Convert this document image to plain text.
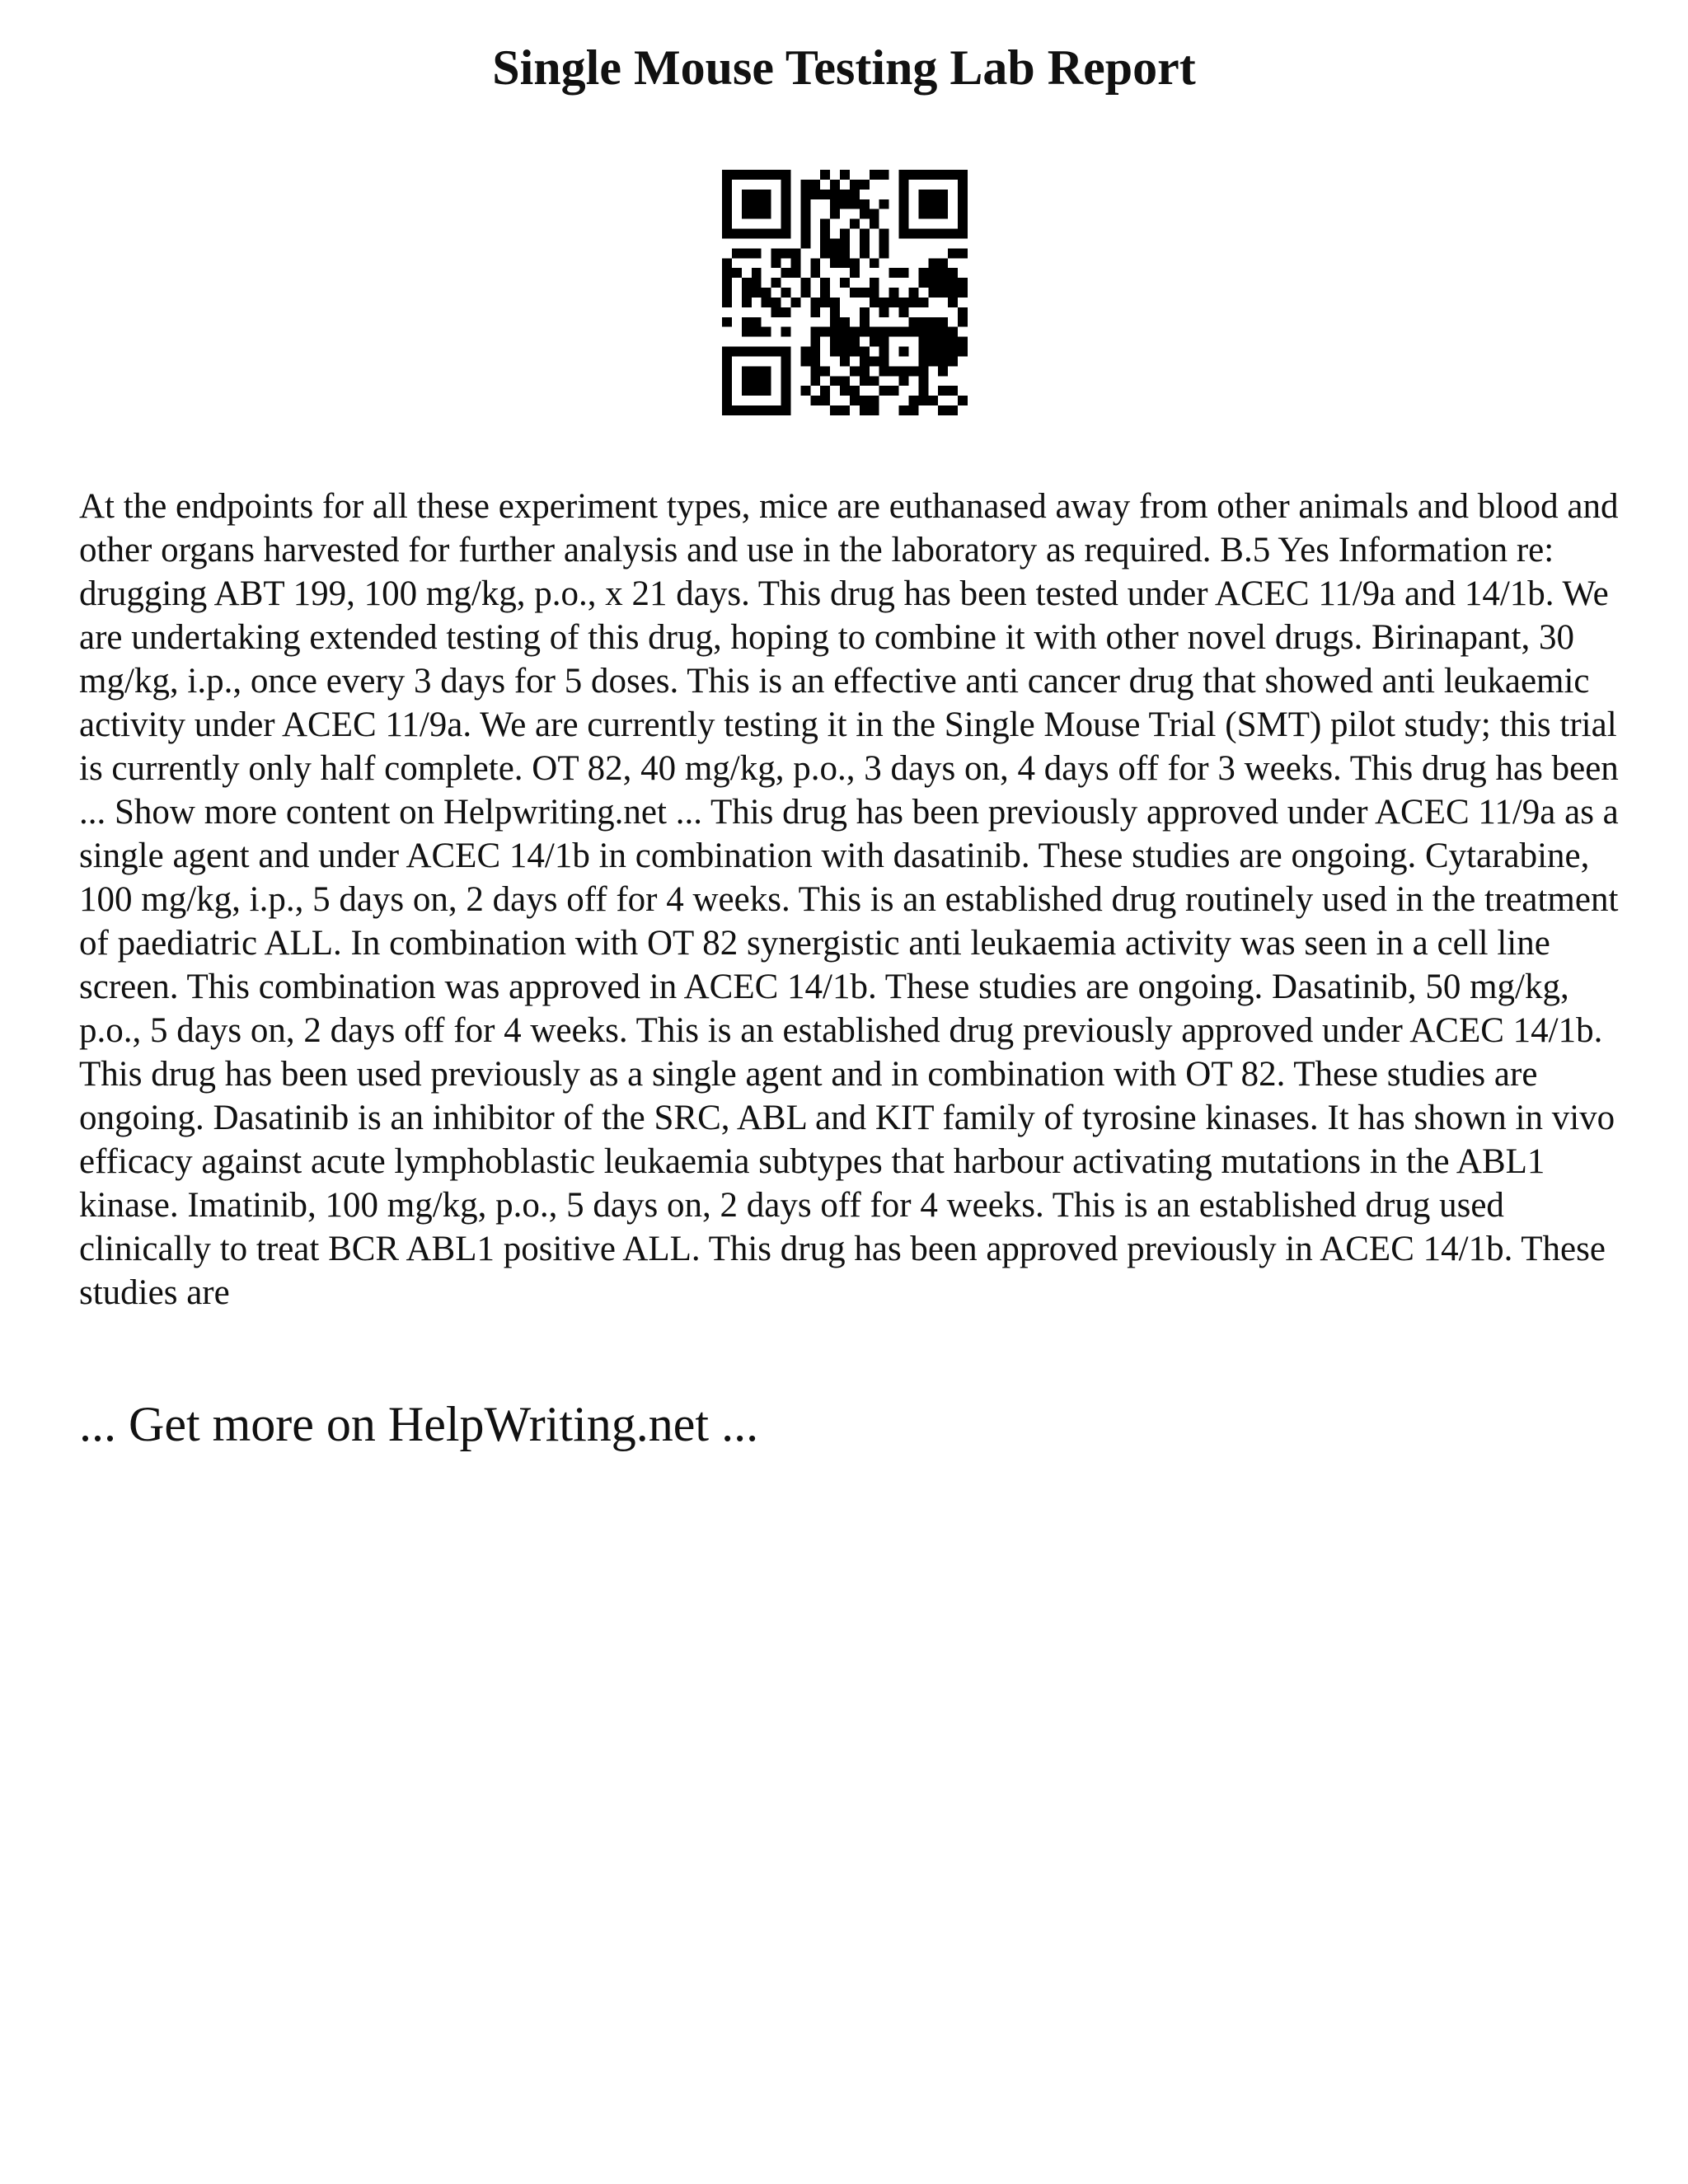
Single Mouse Testing Lab Report

At the endpoints for all these experiment types, mice are euthanased away from other animals and blood and other organs harvested for further analysis and use in the laboratory as required. B.5 Yes Information re: drugging ABT 199, 100 mg/kg, p.o., x 21 days. This drug has been tested under ACEC 11/9a and 14/1b. We are undertaking extended testing of this drug, hoping to combine it with other novel drugs. Birinapant, 30 mg/kg, i.p., once every 3 days for 5 doses. This is an effective anti cancer drug that showed anti leukaemic activity under ACEC 11/9a. We are currently testing it in the Single Mouse Trial (SMT) pilot study; this trial is currently only half complete. OT 82, 40 mg/kg, p.o., 3 days on, 4 days off for 3 weeks. This drug has been ... Show more content on Helpwriting.net ... This drug has been previously approved under ACEC 11/9a as a single agent and under ACEC 14/1b in combination with dasatinib. These studies are ongoing. Cytarabine, 100 mg/kg, i.p., 5 days on, 2 days off for 4 weeks. This is an established drug routinely used in the treatment of paediatric ALL. In combination with OT 82 synergistic anti leukaemia activity was seen in a cell line screen. This combination was approved in ACEC 14/1b. These studies are ongoing. Dasatinib, 50 mg/kg, p.o., 5 days on, 2 days off for 4 weeks. This is an established drug previously approved under ACEC 14/1b. This drug has been used previously as a single agent and in combination with OT 82. These studies are ongoing. Dasatinib is an inhibitor of the SRC, ABL and KIT family of tyrosine kinases. It has shown in vivo efficacy against acute lymphoblastic leukaemia subtypes that harbour activating mutations in the ABL1 kinase. Imatinib, 100 mg/kg, p.o., 5 days on, 2 days off for 4 weeks. This is an established drug used clinically to treat BCR ABL1 positive ALL. This drug has been approved previously in ACEC 14/1b. These studies are

... Get more on HelpWriting.net ...
